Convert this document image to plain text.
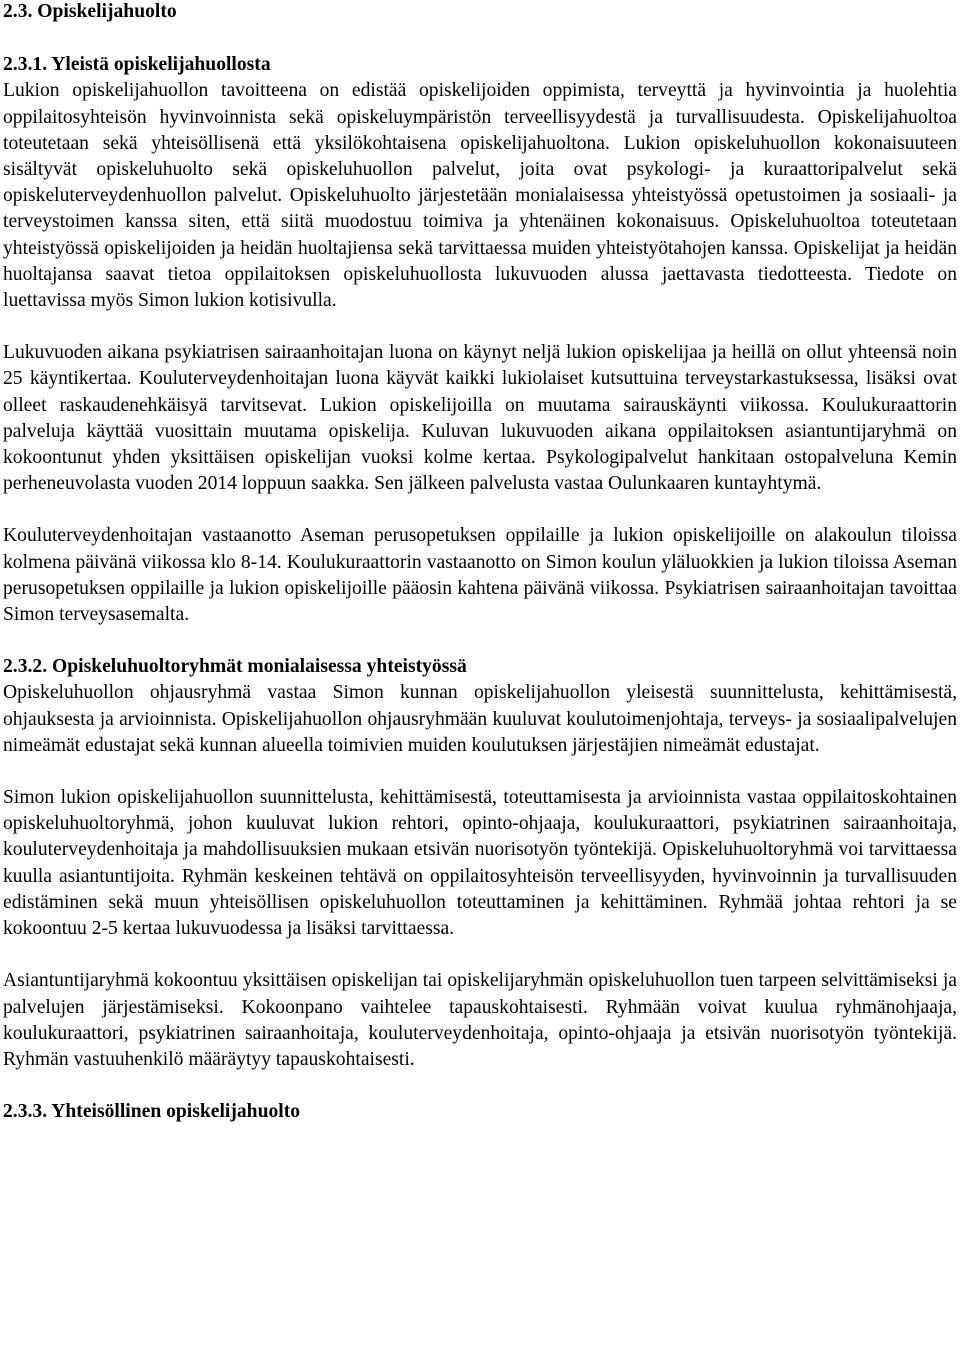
2.3. Opiskelijahuolto

2.3.1. Yleistä opiskelijahuollosta

Lukion opiskelijahuollon tavoitteena on edistää opiskelijoiden oppimista, terveyttä ja hyvinvointia ja huolehtia oppilaitosyhteisön hyvinvoinnista sekä opiskeluympäristön terveellisyydestä ja turvallisuudesta. Opiskelijahuoltoa toteutetaan sekä yhteisöllisenä että yksilökohtaisena opiskelijahuoltona. Lukion opiskeluhuollon kokonaisuuteen sisältyvät opiskeluhuolto sekä opiskeluhuollon palvelut, joita ovat psykologi- ja kuraattoripalvelut sekä opiskeluterveydenhuollon palvelut. Opiskeluhuolto järjestetään monialaisessa yhteistyössä opetustoimen ja sosiaali- ja terveystoimen kanssa siten, että siitä muodostuu toimiva ja yhtenäinen kokonaisuus. Opiskeluhuoltoa toteutetaan yhteistyössä opiskelijoiden ja heidän huoltajiensa sekä tarvittaessa muiden yhteistyötahojen kanssa. Opiskelijat ja heidän huoltajansa saavat tietoa oppilaitoksen opiskeluhuollosta lukuvuoden alussa jaettavasta tiedotteesta. Tiedote on luettavissa myös Simon lukion kotisivulla.

Lukuvuoden aikana psykiatrisen sairaanhoitajan luona on käynyt neljä lukion opiskelijaa ja heillä on ollut yhteensä noin 25 käyntikertaa. Kouluterveydenhoitajan luona käyvät kaikki lukiolaiset kutsuttuina terveystarkastuksessa, lisäksi ovat olleet raskaudenehkäisyä tarvitsevat. Lukion opiskelijoilla on muutama sairauskäynti viikossa. Koulukuraattorin palveluja käyttää vuosittain muutama opiskelija. Kuluvan lukuvuoden aikana oppilaitoksen asiantuntijaryhmä on kokoontunut yhden yksittäisen opiskelijan vuoksi kolme kertaa. Psykologipalvelut hankitaan ostopalveluna Kemin perheneuvolasta vuoden 2014 loppuun saakka. Sen jälkeen palvelusta vastaa Oulunkaaren kuntayhtymä.

Kouluterveydenhoitajan vastaanotto Aseman perusopetuksen oppilaille ja lukion opiskelijoille on alakoulun tiloissa kolmena päivänä viikossa klo 8-14. Koulukuraattorin vastaanotto on Simon koulun yläluokkien ja lukion tiloissa Aseman perusopetuksen oppilaille ja lukion opiskelijoille pääosin kahtena päivänä viikossa. Psykiatrisen sairaanhoitajan tavoittaa Simon terveysasemalta.

2.3.2. Opiskeluhuoltoryhmät monialaisessa yhteistyössä

Opiskeluhuollon ohjausryhmä vastaa Simon kunnan opiskelijahuollon yleisestä suunnittelusta, kehittämisestä, ohjauksesta ja arvioinnista. Opiskelijahuollon ohjausryhmään kuuluvat koulutoimenjohtaja, terveys- ja sosiaalipalvelujen nimeämät edustajat sekä kunnan alueella toimivien muiden koulutuksen järjestäjien nimeämät edustajat.

Simon lukion opiskelijahuollon suunnittelusta, kehittämisestä, toteuttamisesta ja arvioinnista vastaa oppilaitoskohtainen opiskeluhuoltoryhmä, johon kuuluvat lukion rehtori, opinto-ohjaaja, koulukuraattori, psykiatrinen sairaanhoitaja, kouluterveydenhoitaja ja mahdollisuuksien mukaan etsivän nuorisotyön työntekijä. Opiskeluhuoltoryhmä voi tarvittaessa kuulla asiantuntijoita. Ryhmän keskeinen tehtävä on oppilaitosyhteisön terveellisyyden, hyvinvoinnin ja turvallisuuden edistäminen sekä muun yhteisöllisen opiskeluhuollon toteuttaminen ja kehittäminen. Ryhmää johtaa rehtori ja se kokoontuu 2-5 kertaa lukuvuodessa ja lisäksi tarvittaessa.

Asiantuntijaryhmä kokoontuu yksittäisen opiskelijan tai opiskelijaryhmän opiskeluhuollon tuen tarpeen selvittämiseksi ja palvelujen järjestämiseksi. Kokoonpano vaihtelee tapauskohtaisesti. Ryhmään voivat kuulua ryhmänohjaaja, koulukuraattori, psykiatrinen sairaanhoitaja, kouluterveydenhoitaja, opinto-ohjaaja ja etsivän nuorisotyön työntekijä. Ryhmän vastuuhenkilö määräytyy tapauskohtaisesti.

2.3.3. Yhteisöllinen opiskelijahuolto
